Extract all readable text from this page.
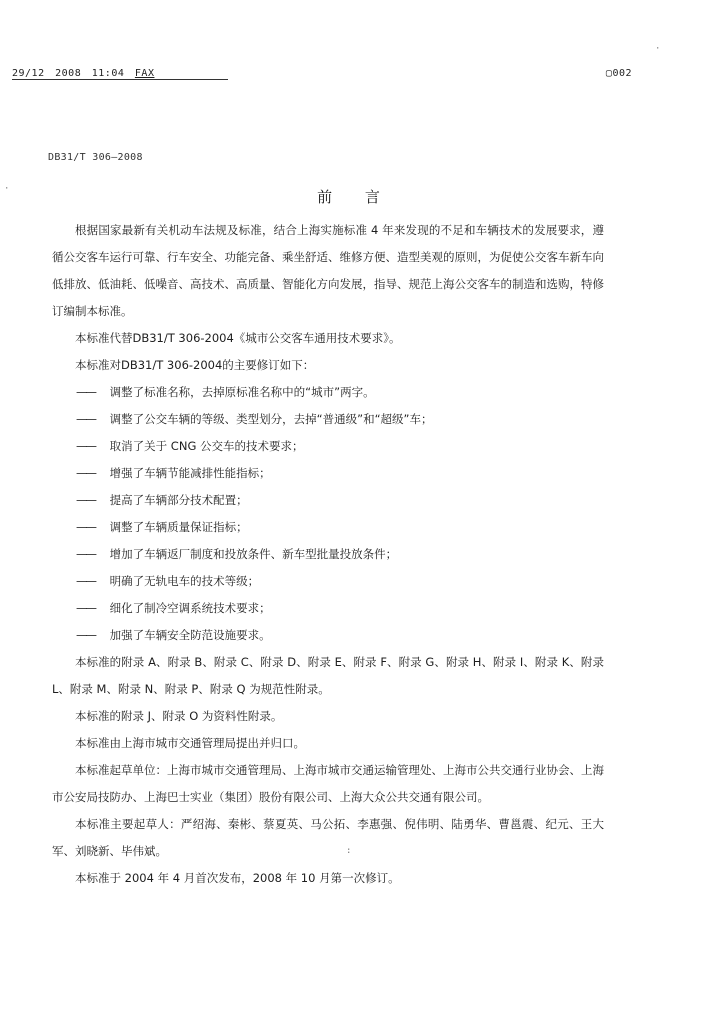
29/12 2008 11:04 FAX	▢002
DB31/T 306—2008
前 言

根据国家最新有关机动车法规及标准，结合上海实施标准 4 年来发现的不足和车辆技术的发展要求，遵循公交客车运行可靠、行车安全、功能完备、乘坐舒适、维修方便、造型美观的原则，为促使公交客车新车向低排放、低油耗、低噪音、高技术、高质量、智能化方向发展，指导、规范上海公交客车的制造和选购，特修订编制本标准。

本标准代替DB31/T 306-2004《城市公交客车通用技术要求》。

本标准对DB31/T 306-2004的主要修订如下：

—— 调整了标准名称，去掉原标准名称中的“城市”两字。

—— 调整了公交车辆的等级、类型划分，去掉“普通级”和“超级”车；

—— 取消了关于 CNG 公交车的技术要求；

—— 增强了车辆节能减排性能指标；

—— 提高了车辆部分技术配置；

—— 调整了车辆质量保证指标；

—— 增加了车辆返厂制度和投放条件、新车型批量投放条件；

—— 明确了无轨电车的技术等级；

—— 细化了制冷空调系统技术要求；

—— 加强了车辆安全防范设施要求。

本标准的附录 A、附录 B、附录 C、附录 D、附录 E、附录 F、附录 G、附录 H、附录 I、附录 K、附录 L、附录 M、附录 N、附录 P、附录 Q 为规范性附录。

本标准的附录 J、附录 O 为资料性附录。

本标准由上海市城市交通管理局提出并归口。

本标准起草单位：上海市城市交通管理局、上海市城市交通运输管理处、上海市公共交通行业协会、上海市公安局技防办、上海巴士实业（集团）股份有限公司、上海大众公共交通有限公司。

本标准主要起草人：严绍海、秦彬、蔡夏英、马公拓、李惠强、倪伟明、陆勇华、曹邕震、纪元、王大军、刘晓新、毕伟斌。

本标准于 2004 年 4 月首次发布，2008 年 10 月第一次修订。

·
·
:
